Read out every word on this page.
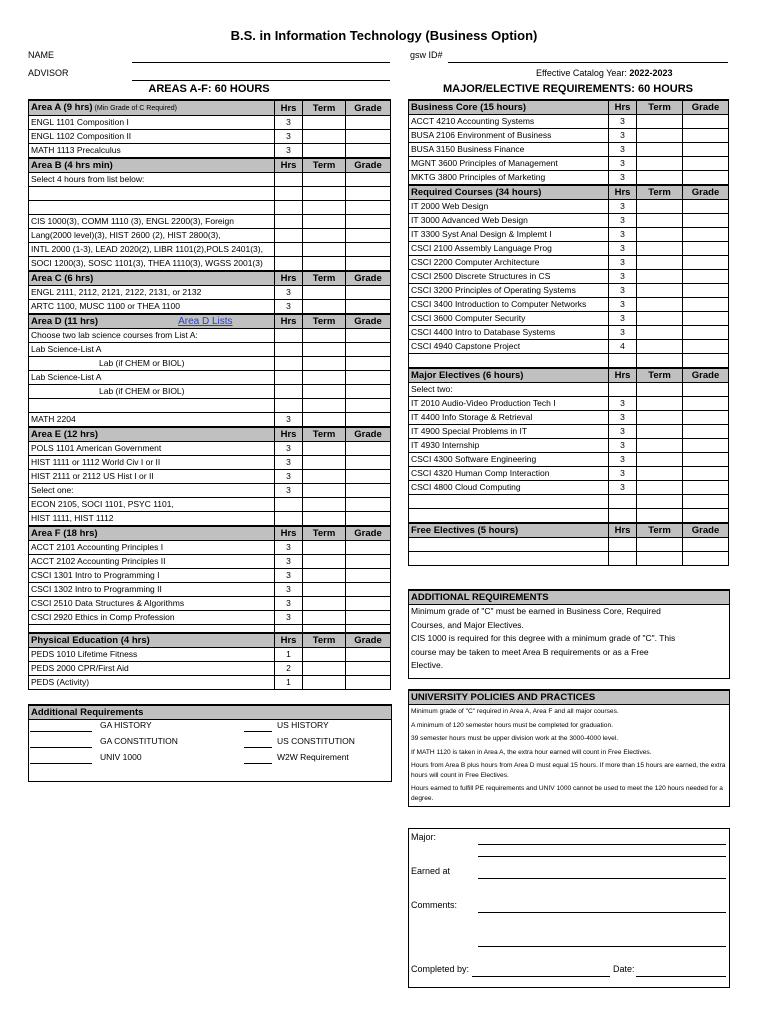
B.S. in Information Technology (Business Option)
NAME
ADVISOR
gsw ID#
Effective Catalog Year: 2022-2023
AREAS A-F: 60 HOURS	MAJOR/ELECTIVE REQUIREMENTS: 60 HOURS
Area A (9 hrs) (Min Grade of C Required)	Hrs	Term	Grade
ENGL 1101 Composition I	3		
ENGL 1102 Composition II	3		
MATH 1113 Precalculus	3		
Area B (4 hrs min)	Hrs	Term	Grade
Select 4 hours from list below:			

CIS 1000(3), COMM 1110 (3), ENGL 2200(3), Foreign			
Lang(2000 level)(3), HIST 2600 (2), HIST 2800(3),			
INTL 2000 (1-3), LEAD 2020(2), LIBR 1101(2),POLS 2401(3),			
SOCI 1200(3), SOSC 1101(3), THEA 1110(3), WGSS 2001(3)			
Area C (6 hrs)	Hrs	Term	Grade
ENGL 2111, 2112, 2121, 2122, 2131, or 2132	3		
ARTC 1100, MUSC 1100 or THEA 1100	3		
Area D (11 hrs) Area D Lists	Hrs	Term	Grade
Choose two lab science courses from List A:			
Lab Science-List A			
Lab (if CHEM or BIOL)			
Lab Science-List A			
Lab (if CHEM or BIOL)			

MATH 2204	3		
Area E (12 hrs)	Hrs	Term	Grade
POLS 1101 American Government	3		
HIST 1111 or 1112 World Civ I or II	3		
HIST 2111 or 2112 US Hist I or II	3		
Select one:	3		
ECON 2105, SOCI 1101, PSYC 1101,			
HIST 1111, HIST 1112			
Area F (18 hrs)	Hrs	Term	Grade
ACCT 2101 Accounting Principles I	3		
ACCT 2102 Accounting Principles II	3		
CSCI 1301 Intro to Programming I	3		
CSCI 1302 Intro to Programming II	3		
CSCI 2510 Data Structures & Algorithms	3		
CSCI 2920 Ethics in Comp Profession	3		

Physical Education (4 hrs)	Hrs	Term	Grade
PEDS 1010 Lifetime Fitness	1		
PEDS 2000 CPR/First Aid	2		
PEDS (Activity)	1		
Additional Requirements
GA HISTORY
GA CONSTITUTION
UNIV 1000
US HISTORY
US CONSTITUTION
W2W Requirement
Business Core (15 hours)	Hrs	Term	Grade
ACCT 4210 Accounting Systems	3		
BUSA 2106 Environment of Business	3		
BUSA 3150 Business Finance	3		
MGNT 3600 Principles of Management	3		
MKTG 3800 Principles of Marketing	3		
Required Courses (34 hours)	Hrs	Term	Grade
IT 2000 Web Design	3		
IT 3000 Advanced Web Design	3		
IT 3300 Syst Anal Design & Implemt I	3		
CSCI 2100 Assembly Language Prog	3		
CSCI 2200 Computer Architecture	3		
CSCI 2500 Discrete Structures in CS	3		
CSCI 3200 Principles of Operating Systems	3		
CSCI 3400 Introduction to Computer Networks	3		
CSCI 3600 Computer Security	3		
CSCI 4400 Intro to Database Systems	3		
CSCI 4940 Capstone Project	4		

Major Electives (6 hours)	Hrs	Term	Grade
Select two:			
IT 2010 Audio-Video Production Tech I	3		
IT 4400 Info Storage & Retrieval	3		
IT 4900 Special Problems in IT	3		
IT 4930 Internship	3		
CSCI 4300 Software Engineering	3		
CSCI 4320 Human Comp Interaction	3		
CSCI 4800 Cloud Computing	3		

Free Electives (5 hours)	Hrs	Term	Grade

ADDITIONAL REQUIREMENTS
Minimum grade of "C" must be earned in Business Core, Required
Courses, and Major Electives.
CIS 1000 is required for this degree with a minimum grade of "C". This
course may be taken to meet Area B requirements or as a Free
Elective.
UNIVERSITY POLICIES AND PRACTICES
Minimum grade of "C" required in Area A, Area F and all major courses.
A minimum of 120 semester hours must be completed for graduation.
39 semester hours must be upper division work at the 3000-4000 level.
If MATH 1120 is taken in Area A, the extra hour earned will count in Free Electives.
Hours from Area B plus hours from Area D must equal 15 hours. If more than 15 hours are earned, the extra hours will count in Free Electives.
Hours earned to fulfill PE requirements and UNIV 1000 cannot be used to meet the 120 hours needed for a degree.
Major:
Earned at
Comments:
Completed by:	Date:
